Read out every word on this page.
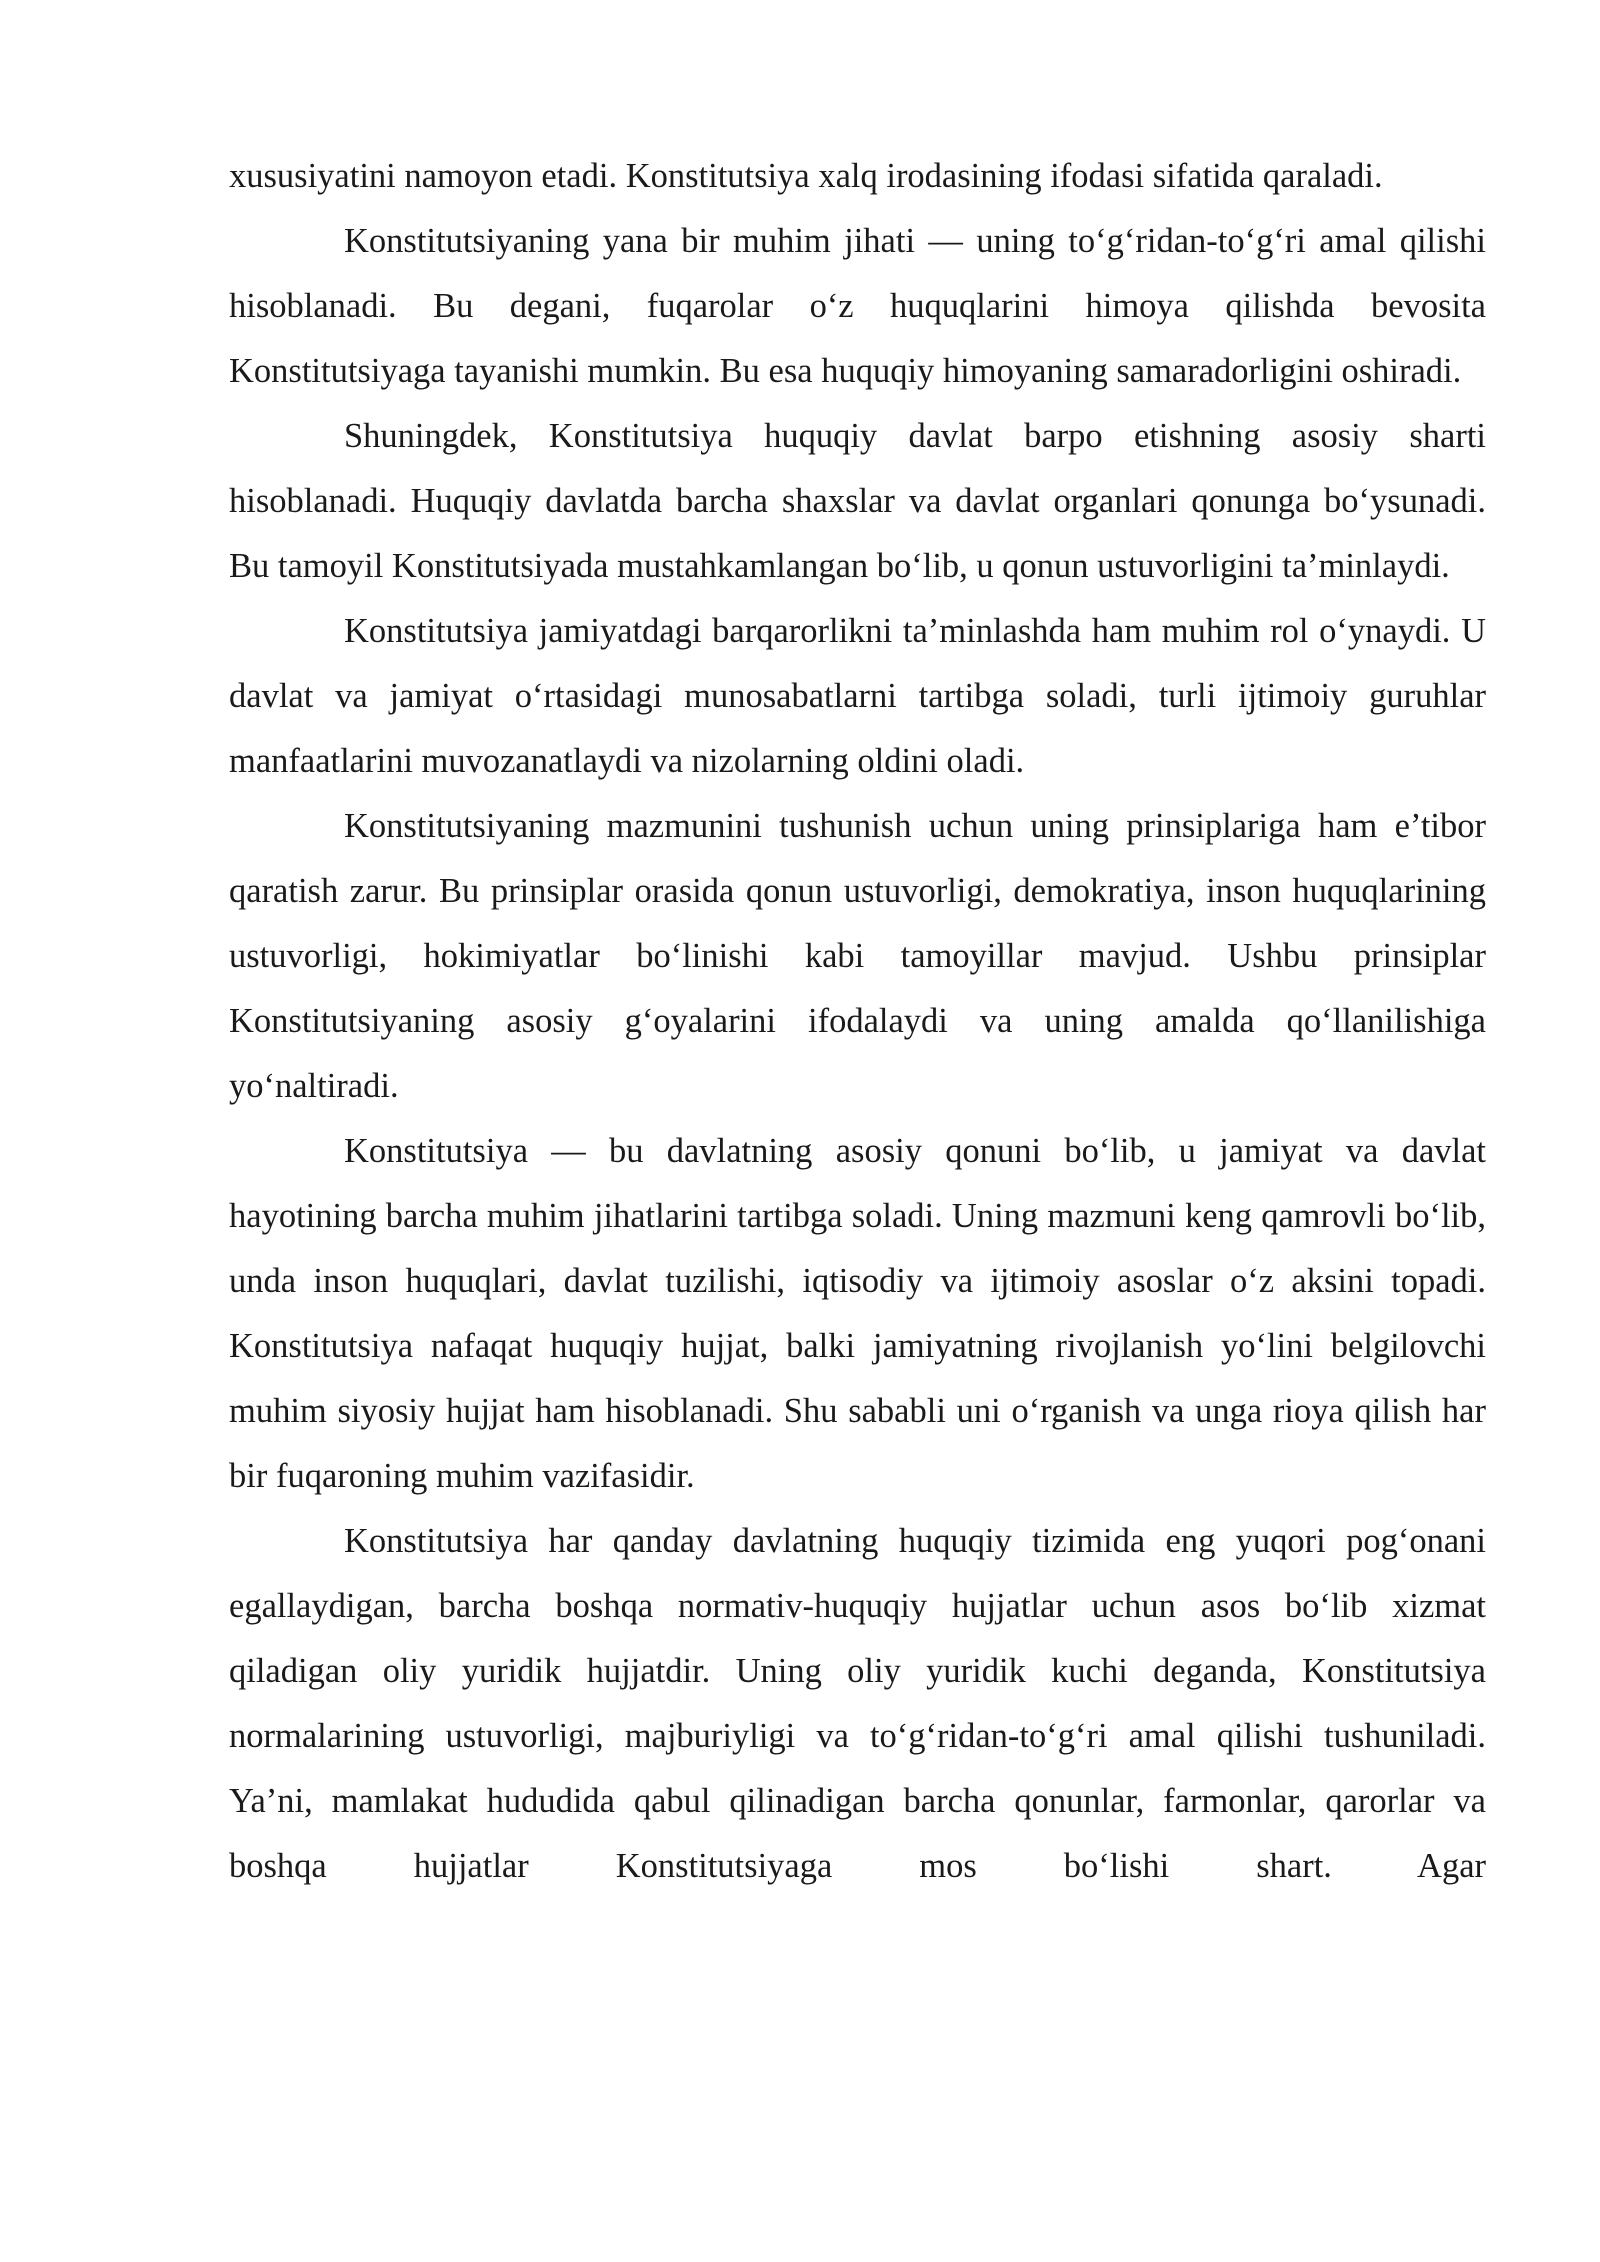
xususiyatini namoyon etadi. Konstitutsiya xalq irodasining ifodasi sifatida qaraladi.

Konstitutsiyaning yana bir muhim jihati — uning to‘g‘ridan-to‘g‘ri amal qilishi hisoblanadi. Bu degani, fuqarolar o‘z huquqlarini himoya qilishda bevosita Konstitutsiyaga tayanishi mumkin. Bu esa huquqiy himoyaning samaradorligini oshiradi.

Shuningdek, Konstitutsiya huquqiy davlat barpo etishning asosiy sharti hisoblanadi. Huquqiy davlatda barcha shaxslar va davlat organlari qonunga bo‘ysunadi. Bu tamoyil Konstitutsiyada mustahkamlangan bo‘lib, u qonun ustuvorligini ta’minlaydi.

Konstitutsiya jamiyatdagi barqarorlikni ta’minlashda ham muhim rol o‘ynaydi. U davlat va jamiyat o‘rtasidagi munosabatlarni tartibga soladi, turli ijtimoiy guruhlar manfaatlarini muvozanatlaydi va nizolarning oldini oladi.

Konstitutsiyaning mazmunini tushunish uchun uning prinsiplariga ham e’tibor qaratish zarur. Bu prinsiplar orasida qonun ustuvorligi, demokratiya, inson huquqlarining ustuvorligi, hokimiyatlar bo‘linishi kabi tamoyillar mavjud. Ushbu prinsiplar Konstitutsiyaning asosiy g‘oyalarini ifodalaydi va uning amalda qo‘llanilishiga yo‘naltiradi.

Konstitutsiya — bu davlatning asosiy qonuni bo‘lib, u jamiyat va davlat hayotining barcha muhim jihatlarini tartibga soladi. Uning mazmuni keng qamrovli bo‘lib, unda inson huquqlari, davlat tuzilishi, iqtisodiy va ijtimoiy asoslar o‘z aksini topadi. Konstitutsiya nafaqat huquqiy hujjat, balki jamiyatning rivojlanish yo‘lini belgilovchi muhim siyosiy hujjat ham hisoblanadi. Shu sababli uni o‘rganish va unga rioya qilish har bir fuqaroning muhim vazifasidir.

Konstitutsiya har qanday davlatning huquqiy tizimida eng yuqori pog‘onani egallaydigan, barcha boshqa normativ-huquqiy hujjatlar uchun asos bo‘lib xizmat qiladigan oliy yuridik hujjatdir. Uning oliy yuridik kuchi deganda, Konstitutsiya normalarining ustuvorligi, majburiyligi va to‘g‘ridan-to‘g‘ri amal qilishi tushuniladi. Ya’ni, mamlakat hududida qabul qilinadigan barcha qonunlar, farmonlar, qarorlar va boshqa hujjatlar Konstitutsiyaga mos bo‘lishi shart. Agar
